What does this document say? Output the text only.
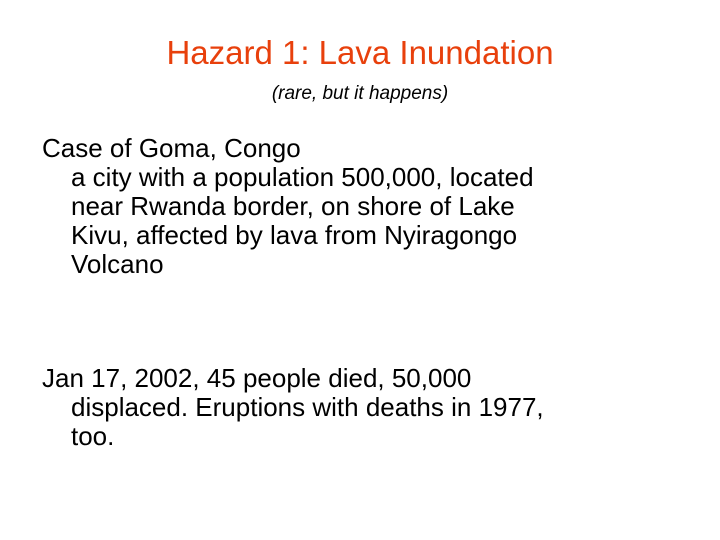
Hazard 1: Lava Inundation
(rare, but it happens)
Case of Goma, Congo
a city with a population 500,000, located
near Rwanda border, on shore of Lake
Kivu, affected by lava from Nyiragongo
Volcano
Jan 17, 2002, 45 people died, 50,000
displaced. Eruptions with deaths in 1977,
too.
